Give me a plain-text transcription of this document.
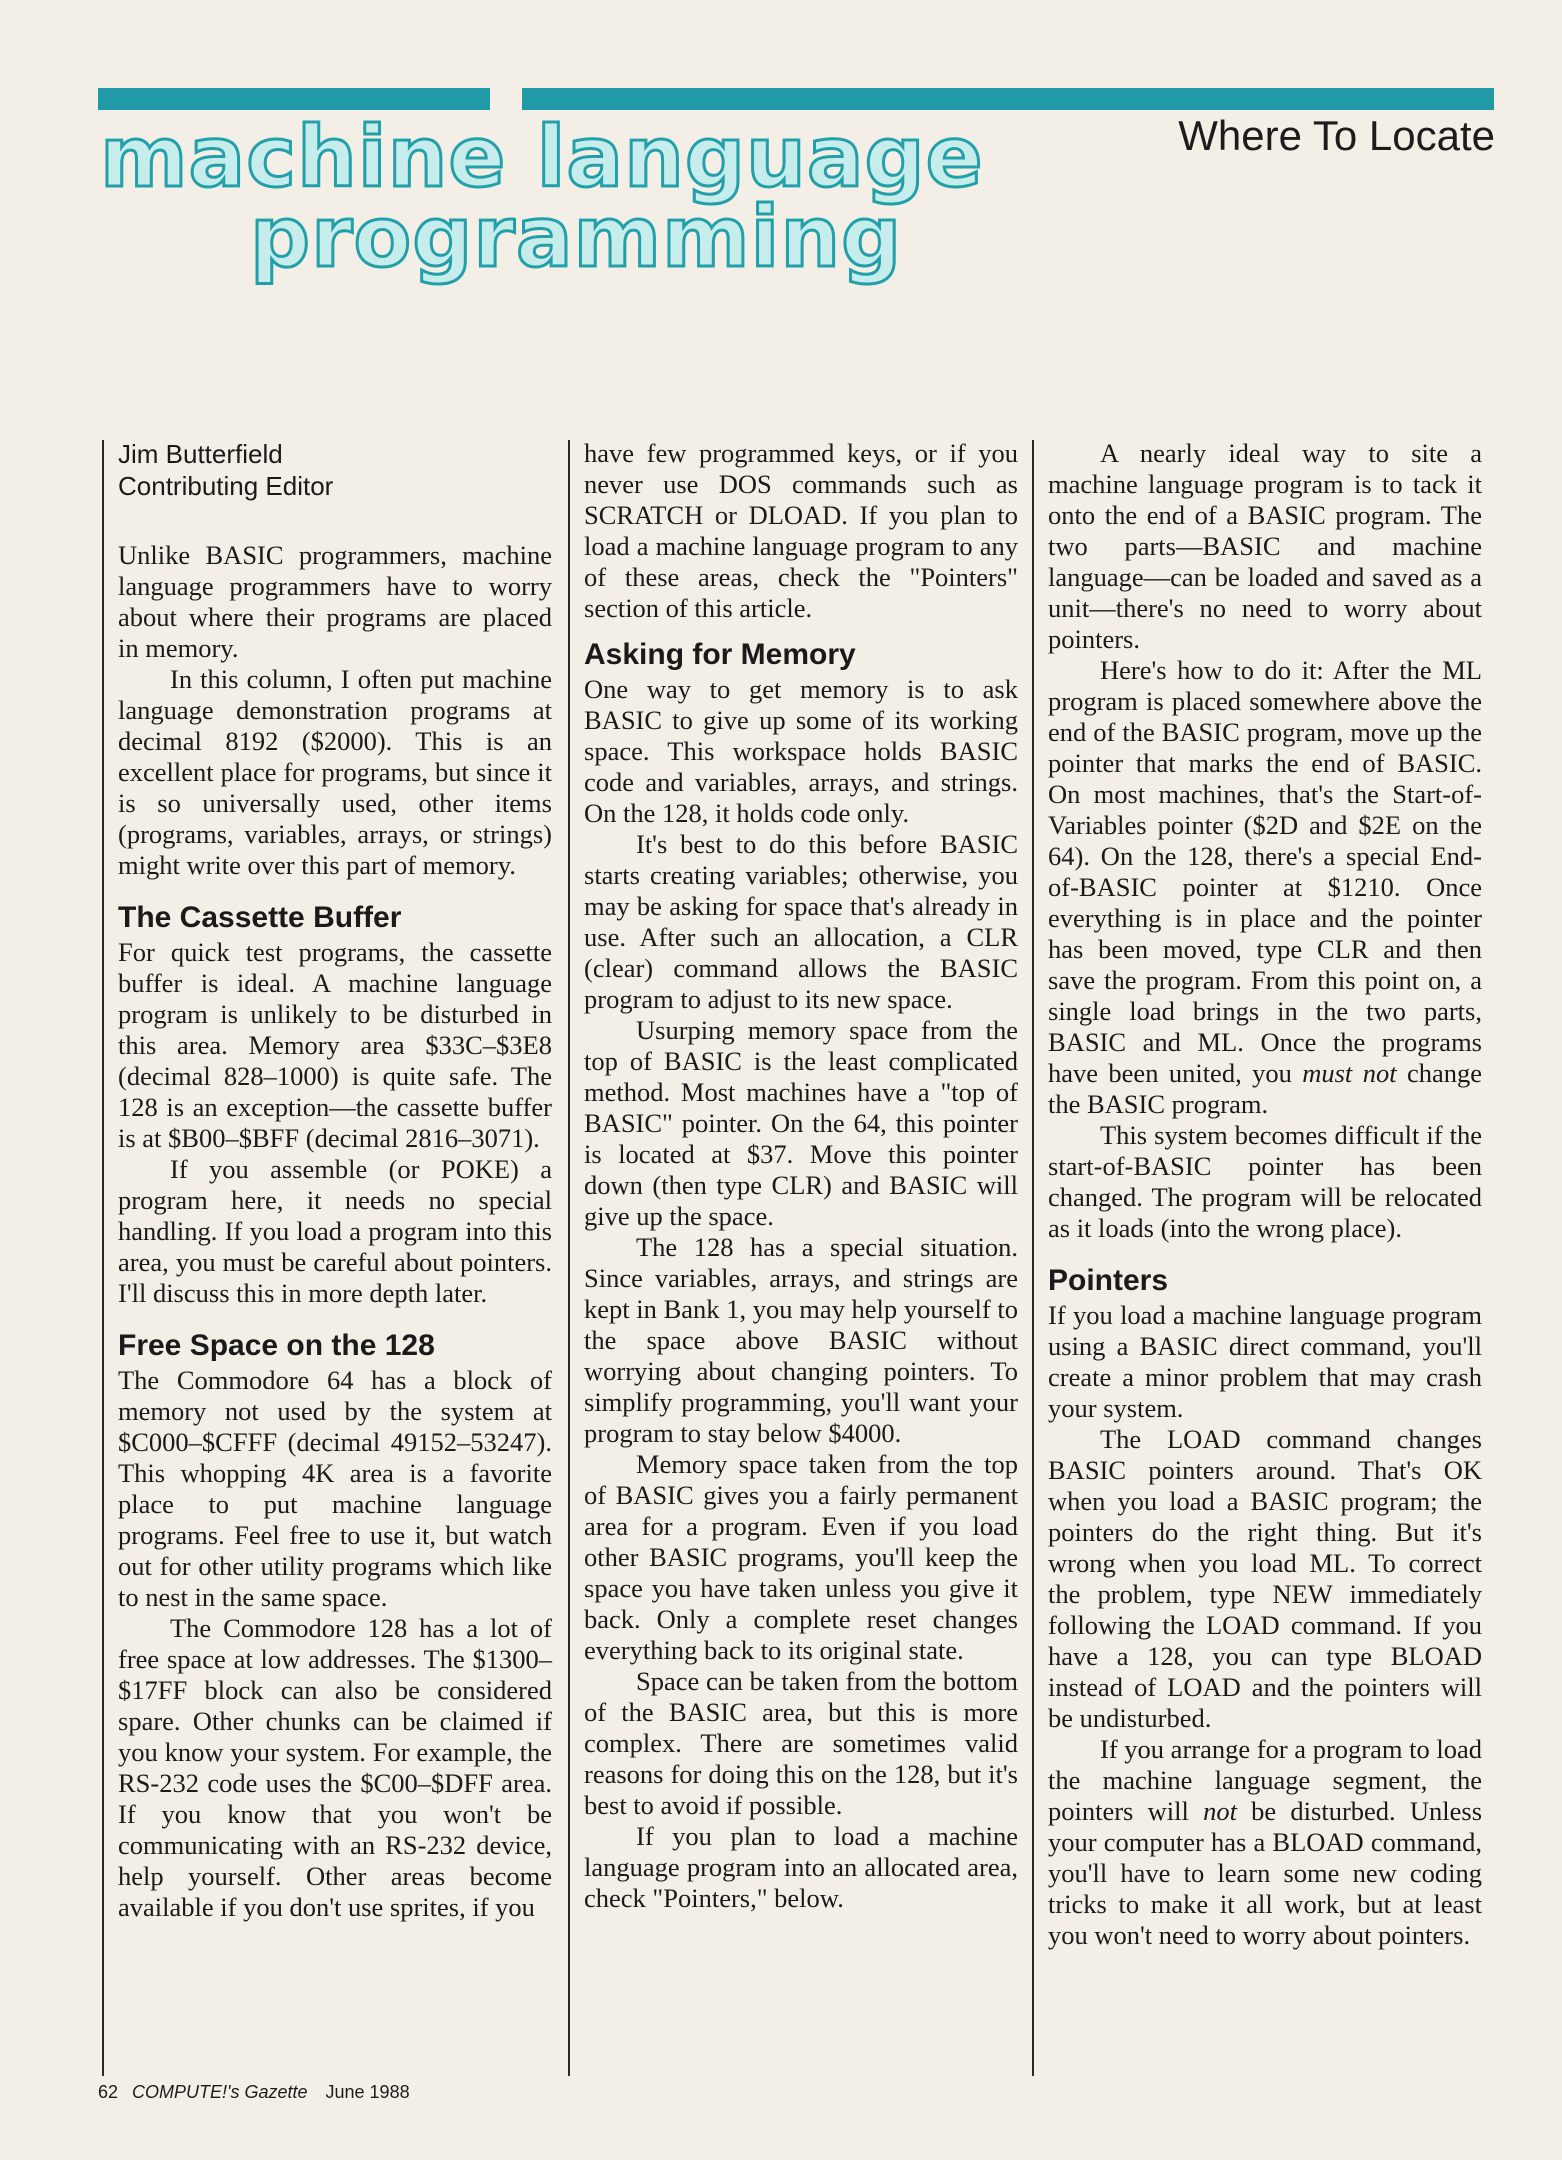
machine language
programming
Where To Locate
Jim Butterfield
Contributing Editor

Unlike BASIC programmers, machine language programmers have to worry about where their programs are placed in memory.

In this column, I often put machine language demonstration programs at decimal 8192 ($2000). This is an excellent place for programs, but since it is so universally used, other items (programs, variables, arrays, or strings) might write over this part of memory.

The Cassette Buffer

For quick test programs, the cassette buffer is ideal. A machine language program is unlikely to be disturbed in this area. Memory area $33C–$3E8 (decimal 828–1000) is quite safe. The 128 is an exception—the cassette buffer is at $B00–$BFF (decimal 2816–3071).

If you assemble (or POKE) a program here, it needs no special handling. If you load a program into this area, you must be careful about pointers. I'll discuss this in more depth later.

Free Space on the 128

The Commodore 64 has a block of memory not used by the system at $C000–$CFFF (decimal 49152–53247). This whopping 4K area is a favorite place to put machine language programs. Feel free to use it, but watch out for other utility programs which like to nest in the same space.

The Commodore 128 has a lot of free space at low addresses. The $1300–$17FF block can also be considered spare. Other chunks can be claimed if you know your system. For example, the RS-232 code uses the $C00–$DFF area. If you know that you won't be communicating with an RS-232 device, help yourself. Other areas become available if you don't use sprites, if you

have few programmed keys, or if you never use DOS commands such as SCRATCH or DLOAD. If you plan to load a machine language program to any of these areas, check the "Pointers" section of this article.

Asking for Memory

One way to get memory is to ask BASIC to give up some of its working space. This workspace holds BASIC code and variables, arrays, and strings. On the 128, it holds code only.

It's best to do this before BASIC starts creating variables; otherwise, you may be asking for space that's already in use. After such an allocation, a CLR (clear) command allows the BASIC program to adjust to its new space.

Usurping memory space from the top of BASIC is the least complicated method. Most machines have a "top of BASIC" pointer. On the 64, this pointer is located at $37. Move this pointer down (then type CLR) and BASIC will give up the space.

The 128 has a special situation. Since variables, arrays, and strings are kept in Bank 1, you may help yourself to the space above BASIC without worrying about changing pointers. To simplify programming, you'll want your program to stay below $4000.

Memory space taken from the top of BASIC gives you a fairly permanent area for a program. Even if you load other BASIC programs, you'll keep the space you have taken unless you give it back. Only a complete reset changes everything back to its original state.

Space can be taken from the bottom of the BASIC area, but this is more complex. There are sometimes valid reasons for doing this on the 128, but it's best to avoid if possible.

If you plan to load a machine language program into an allocated area, check "Pointers," below.

A nearly ideal way to site a machine language program is to tack it onto the end of a BASIC program. The two parts—BASIC and machine language—can be loaded and saved as a unit—there's no need to worry about pointers.

Here's how to do it: After the ML program is placed somewhere above the end of the BASIC program, move up the pointer that marks the end of BASIC. On most machines, that's the Start-of-Variables pointer ($2D and $2E on the 64). On the 128, there's a special End-of-BASIC pointer at $1210. Once everything is in place and the pointer has been moved, type CLR and then save the program. From this point on, a single load brings in the two parts, BASIC and ML. Once the programs have been united, you must not change the BASIC program.

This system becomes difficult if the start-of-BASIC pointer has been changed. The program will be relocated as it loads (into the wrong place).

Pointers

If you load a machine language program using a BASIC direct command, you'll create a minor problem that may crash your system.

The LOAD command changes BASIC pointers around. That's OK when you load a BASIC program; the pointers do the right thing. But it's wrong when you load ML. To correct the problem, type NEW immediately following the LOAD command. If you have a 128, you can type BLOAD instead of LOAD and the pointers will be undisturbed.

If you arrange for a program to load the machine language segment, the pointers will not be disturbed. Unless your computer has a BLOAD command, you'll have to learn some new coding tricks to make it all work, but at least you won't need to worry about pointers.

62 COMPUTE!'s Gazette June 1988
